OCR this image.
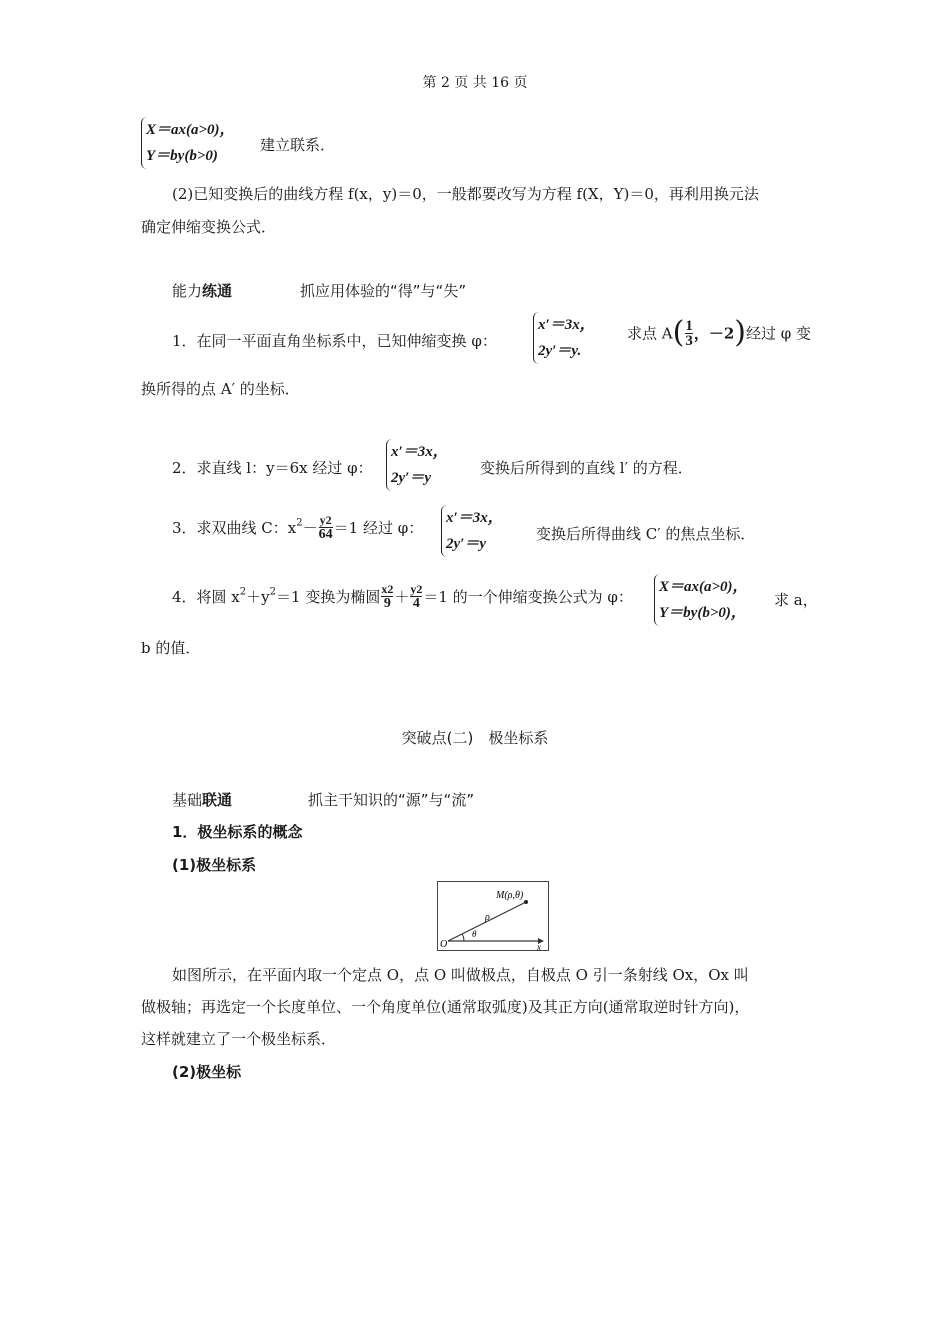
第 2 页 共 16 页
X＝ax(a>0)，
Y＝by(b>0)
建立联系．
(2)已知变换后的曲线方程 f(x，y)＝0，一般都要改写为方程 f(X，Y)＝0，再利用换元法
确定伸缩变换公式．
能力练通	抓应用体验的“得”与“失”
1．在同一平面直角坐标系中，已知伸缩变换 φ：
x′＝3x，
2y′＝y.
求点 $A( \frac{1}{3}$ ，－2)经过 φ 变
换所得的点 A′ 的坐标．
2．求直线 l：y＝6x 经过 φ：
x′＝3x，
2y′＝y
变换后所得到的直线 l′ 的方程．
3．求双曲线 C：$x^2- \frac{y2}{64} =1$ 经过 φ：
x′＝3x，
2y′＝y
变换后所得曲线 C′ 的焦点坐标．
4．将圆 $x^2+y^2=1$ 变换为椭圆 $\frac{x2}{9} + \frac{y2}{4} =1$ 的一个伸缩变换公式为 φ：
X＝ax(a>0)，
Y＝by(b>0)，
求 a，
b 的值．
突破点(二)　极坐标系
基础联通	抓主干知识的“源”与“流”
1．极坐标系的概念
(1)极坐标系
M(ρ,θ)
ρ
θ
O	x
如图所示，在平面内取一个定点 O，点 O 叫做极点，自极点 O 引一条射线 Ox，Ox 叫
做极轴；再选定一个长度单位、一个角度单位(通常取弧度)及其正方向(通常取逆时针方向)，
这样就建立了一个极坐标系．
(2)极坐标
